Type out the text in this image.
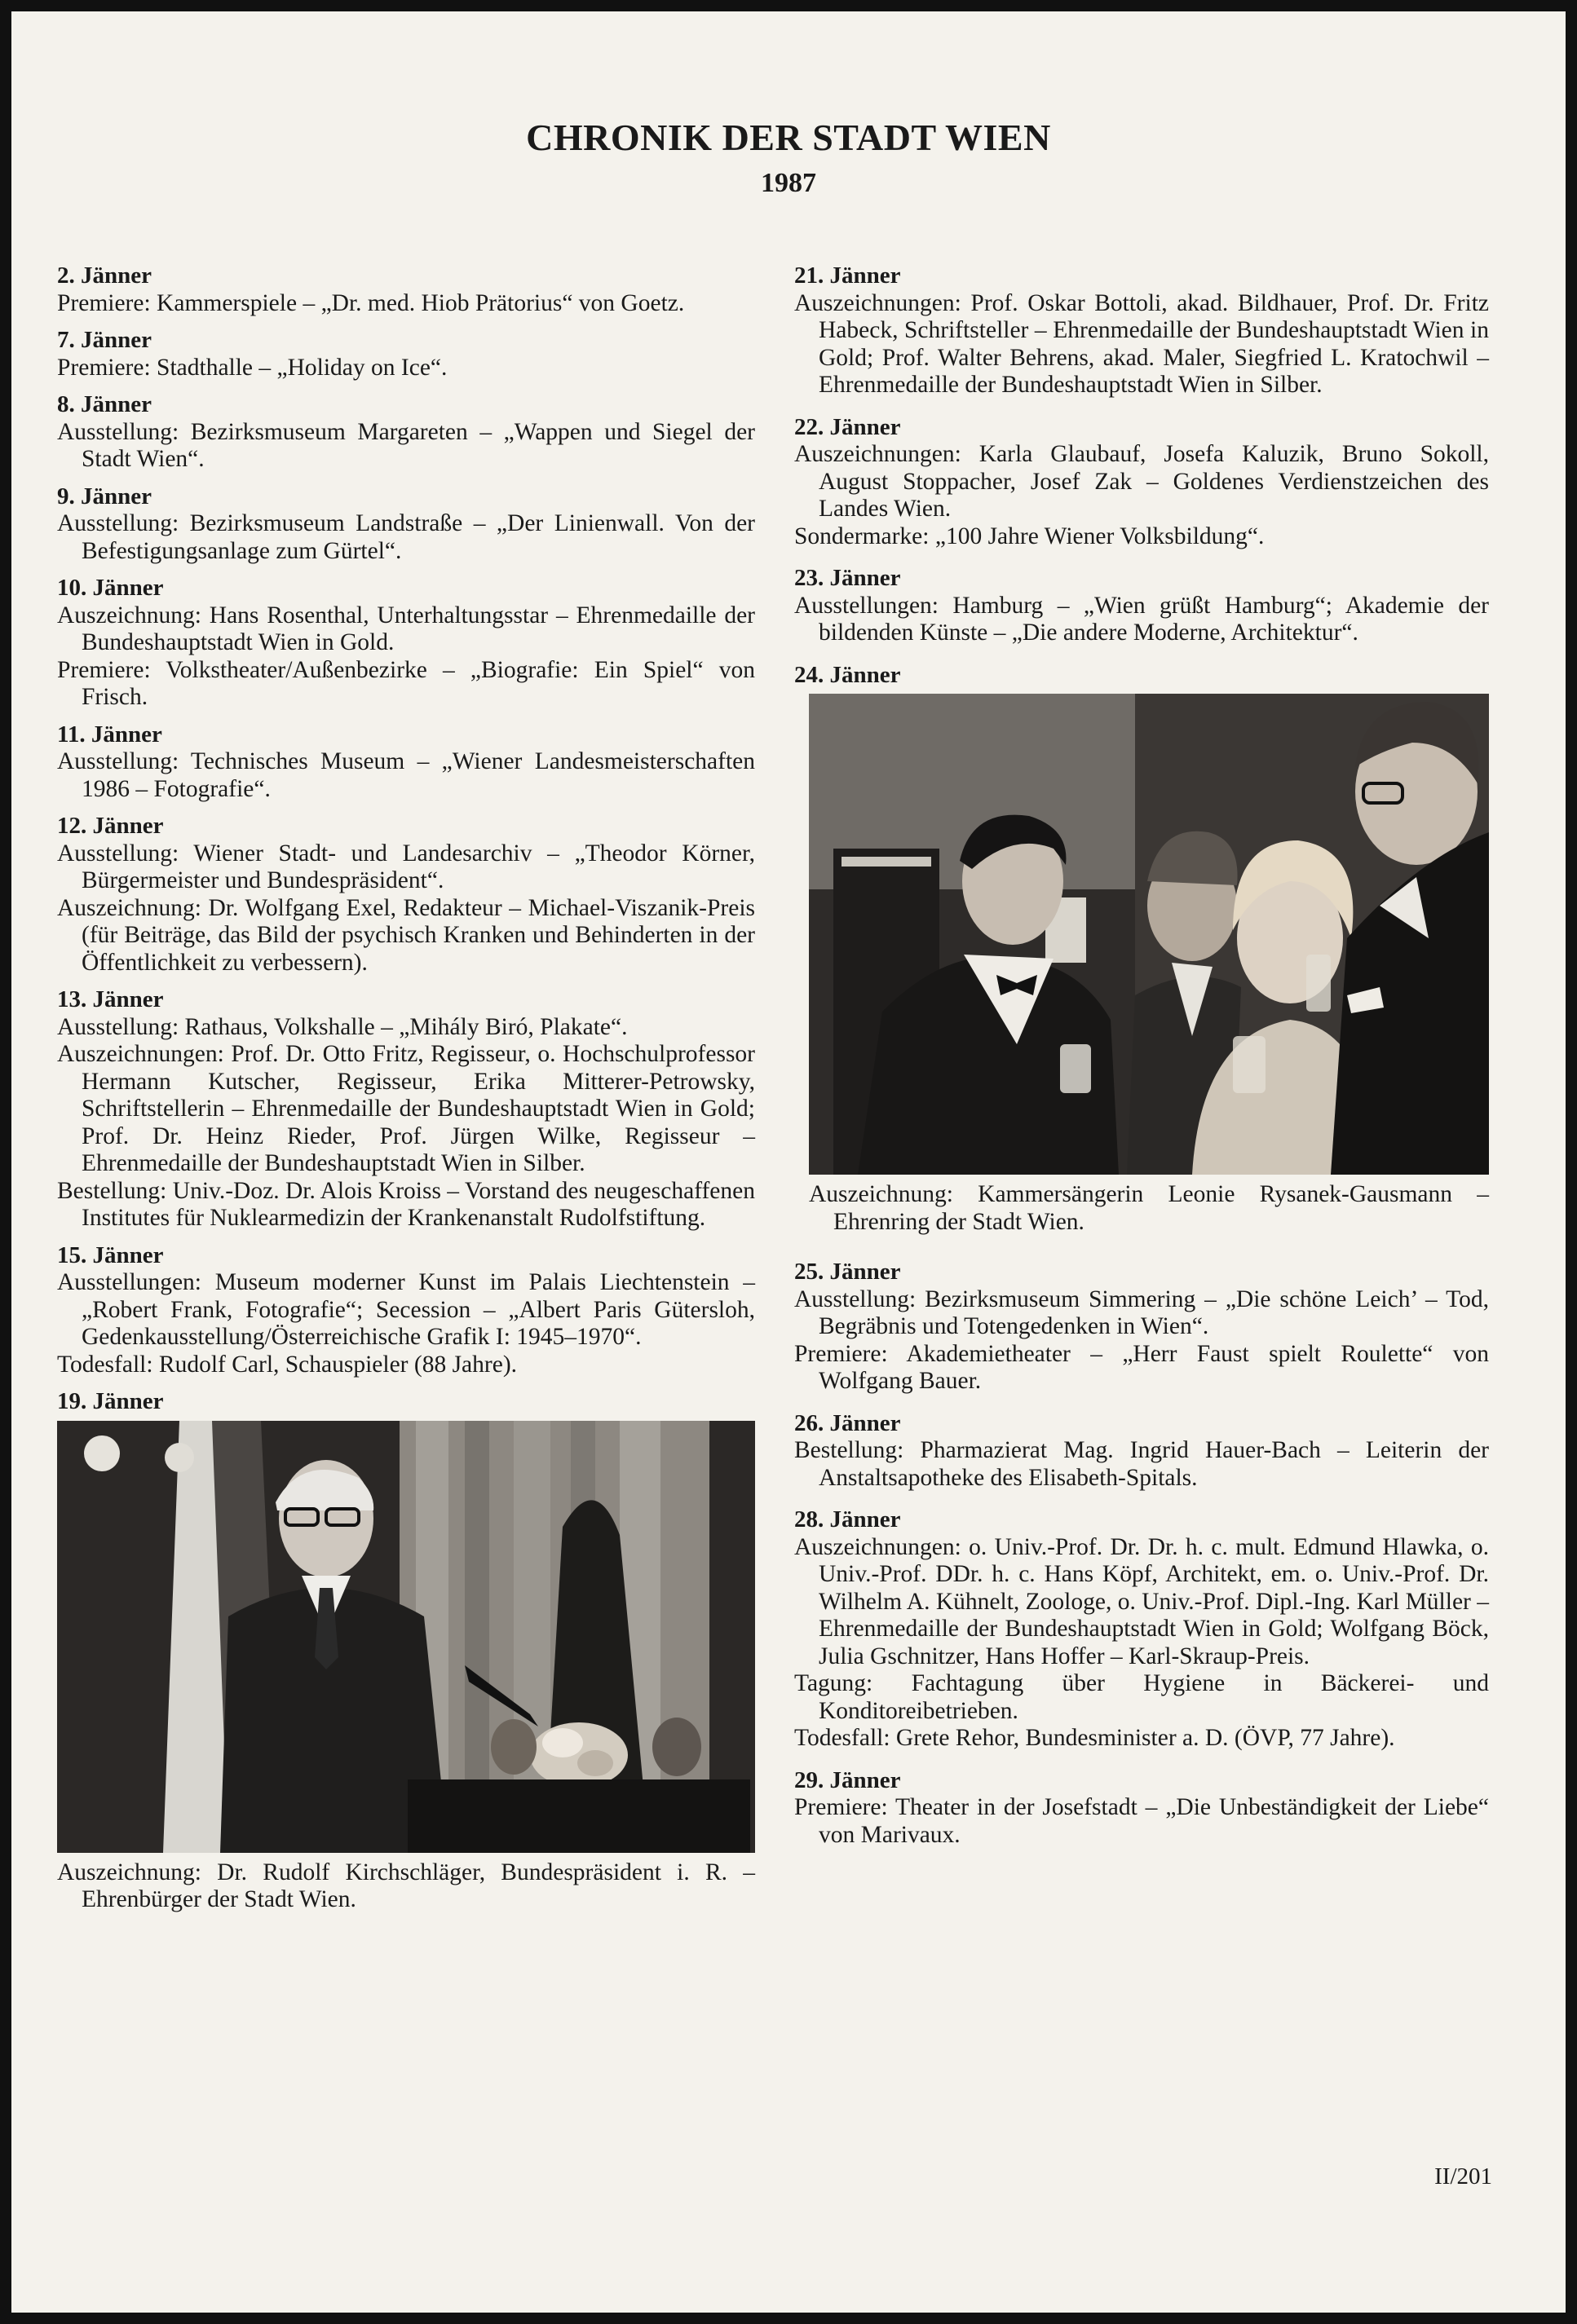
CHRONIK DER STADT WIEN
1987
2. Jänner
Premiere: Kammerspiele – „Dr. med. Hiob Prätorius“ von Goetz.
7. Jänner
Premiere: Stadthalle – „Holiday on Ice“.
8. Jänner
Ausstellung: Bezirksmuseum Margareten – „Wappen und Siegel der Stadt Wien“.
9. Jänner
Ausstellung: Bezirksmuseum Landstraße – „Der Linienwall. Von der Befestigungsanlage zum Gürtel“.
10. Jänner
Auszeichnung: Hans Rosenthal, Unterhaltungsstar – Ehrenmedaille der Bundeshauptstadt Wien in Gold.
Premiere: Volkstheater/Außenbezirke – „Biografie: Ein Spiel“ von Frisch.
11. Jänner
Ausstellung: Technisches Museum – „Wiener Landesmeisterschaften 1986 – Fotografie“.
12. Jänner
Ausstellung: Wiener Stadt- und Landesarchiv – „Theodor Körner, Bürgermeister und Bundespräsident“.
Auszeichnung: Dr. Wolfgang Exel, Redakteur – Michael-Viszanik-Preis (für Beiträge, das Bild der psychisch Kranken und Behinderten in der Öffentlichkeit zu verbessern).
13. Jänner
Ausstellung: Rathaus, Volkshalle – „Mihály Biró, Plakate“.
Auszeichnungen: Prof. Dr. Otto Fritz, Regisseur, o. Hochschulprofessor Hermann Kutscher, Regisseur, Erika Mitterer-Petrowsky, Schriftstellerin – Ehrenmedaille der Bundeshauptstadt Wien in Gold; Prof. Dr. Heinz Rieder, Prof. Jürgen Wilke, Regisseur – Ehrenmedaille der Bundeshauptstadt Wien in Silber.
Bestellung: Univ.-Doz. Dr. Alois Kroiss – Vorstand des neugeschaffenen Institutes für Nuklearmedizin der Krankenanstalt Rudolfstiftung.
15. Jänner
Ausstellungen: Museum moderner Kunst im Palais Liechtenstein – „Robert Frank, Fotografie“; Secession – „Albert Paris Gütersloh, Gedenkausstellung/Österreichische Grafik I: 1945–1970“.
Todesfall: Rudolf Carl, Schauspieler (88 Jahre).
19. Jänner
Auszeichnung: Dr. Rudolf Kirchschläger, Bundespräsident i. R. – Ehrenbürger der Stadt Wien.
21. Jänner
Auszeichnungen: Prof. Oskar Bottoli, akad. Bildhauer, Prof. Dr. Fritz Habeck, Schriftsteller – Ehrenmedaille der Bundeshauptstadt Wien in Gold; Prof. Walter Behrens, akad. Maler, Siegfried L. Kratochwil – Ehrenmedaille der Bundeshauptstadt Wien in Silber.
22. Jänner
Auszeichnungen: Karla Glaubauf, Josefa Kaluzik, Bruno Sokoll, August Stoppacher, Josef Zak – Goldenes Verdienstzeichen des Landes Wien.
Sondermarke: „100 Jahre Wiener Volksbildung“.
23. Jänner
Ausstellungen: Hamburg – „Wien grüßt Hamburg“; Akademie der bildenden Künste – „Die andere Moderne, Architektur“.
24. Jänner
Auszeichnung: Kammersängerin Leonie Rysanek-Gausmann – Ehrenring der Stadt Wien.
25. Jänner
Ausstellung: Bezirksmuseum Simmering – „Die schöne Leich’ – Tod, Begräbnis und Totengedenken in Wien“.
Premiere: Akademietheater – „Herr Faust spielt Roulette“ von Wolfgang Bauer.
26. Jänner
Bestellung: Pharmazierat Mag. Ingrid Hauer-Bach – Leiterin der Anstaltsapotheke des Elisabeth-Spitals.
28. Jänner
Auszeichnungen: o. Univ.-Prof. Dr. Dr. h. c. mult. Edmund Hlawka, o. Univ.-Prof. DDr. h. c. Hans Köpf, Architekt, em. o. Univ.-Prof. Dr. Wilhelm A. Kühnelt, Zoologe, o. Univ.-Prof. Dipl.-Ing. Karl Müller – Ehrenmedaille der Bundeshauptstadt Wien in Gold; Wolfgang Böck, Julia Gschnitzer, Hans Hoffer – Karl-Skraup-Preis.
Tagung: Fachtagung über Hygiene in Bäckerei- und Konditoreibetrieben.
Todesfall: Grete Rehor, Bundesminister a. D. (ÖVP, 77 Jahre).
29. Jänner
Premiere: Theater in der Josefstadt – „Die Unbeständigkeit der Liebe“ von Marivaux.
II/201
